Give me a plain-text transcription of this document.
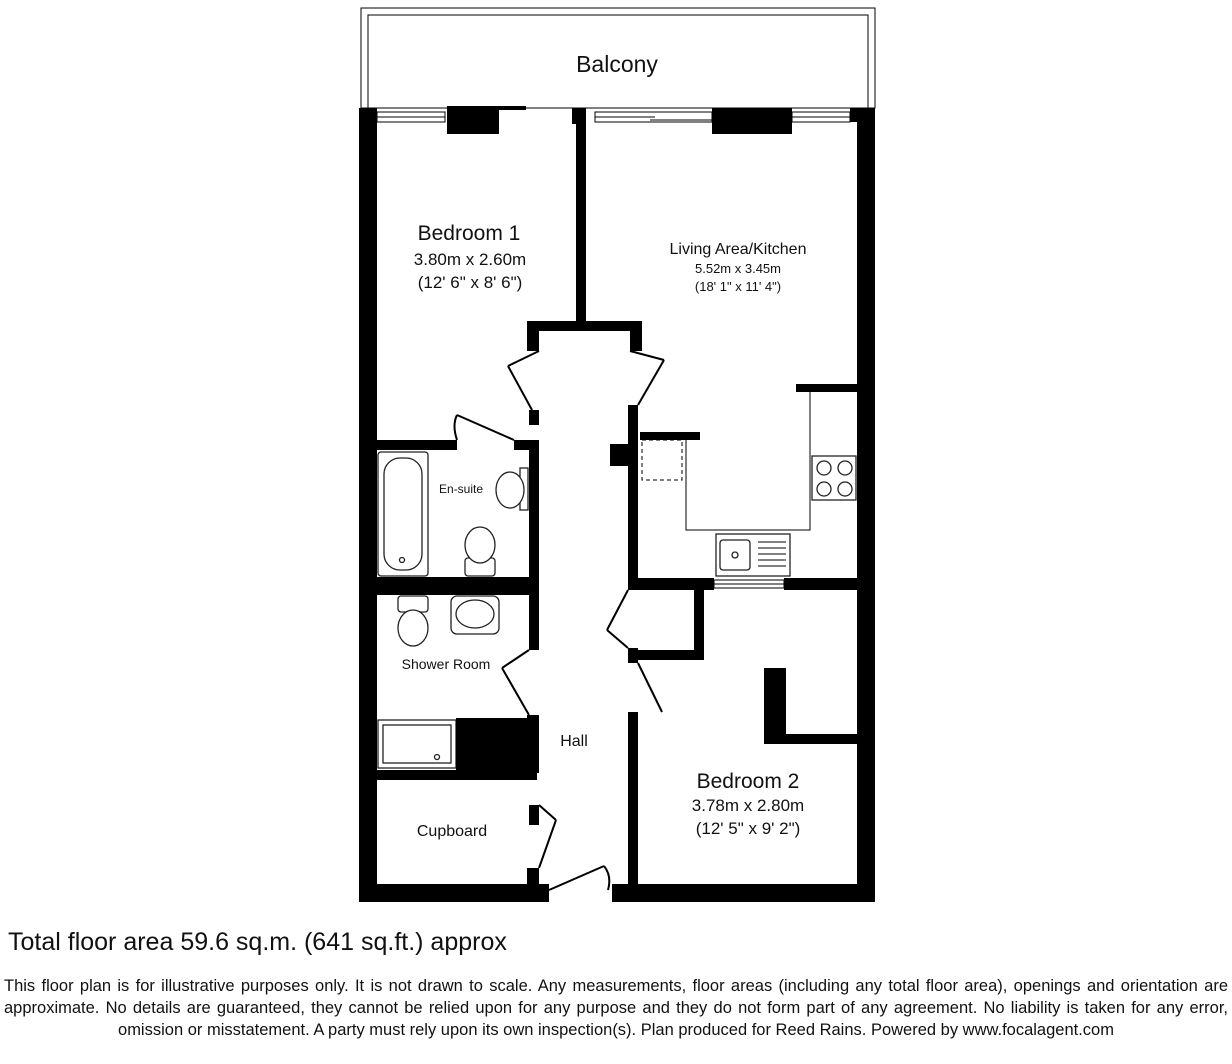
Balcony
Bedroom 1
3.80m x 2.60m
(12' 6" x 8' 6")
Living Area/Kitchen
5.52m x 3.45m
(18' 1" x 11' 4")
En-suite
Shower Room
Hall
Cupboard
Bedroom 2
3.78m x 2.80m
(12' 5" x 9' 2")

Total floor area 59.6 sq.m. (641 sq.ft.) approx

This floor plan is for illustrative purposes only. It is not drawn to scale. Any measurements, floor areas (including any total floor area), openings and orientation are approximate. No details are guaranteed, they cannot be relied upon for any purpose and they do not form part of any agreement. No liability is taken for any error, omission or misstatement. A party must rely upon its own inspection(s). Plan produced for Reed Rains. Powered by www.focalagent.com
